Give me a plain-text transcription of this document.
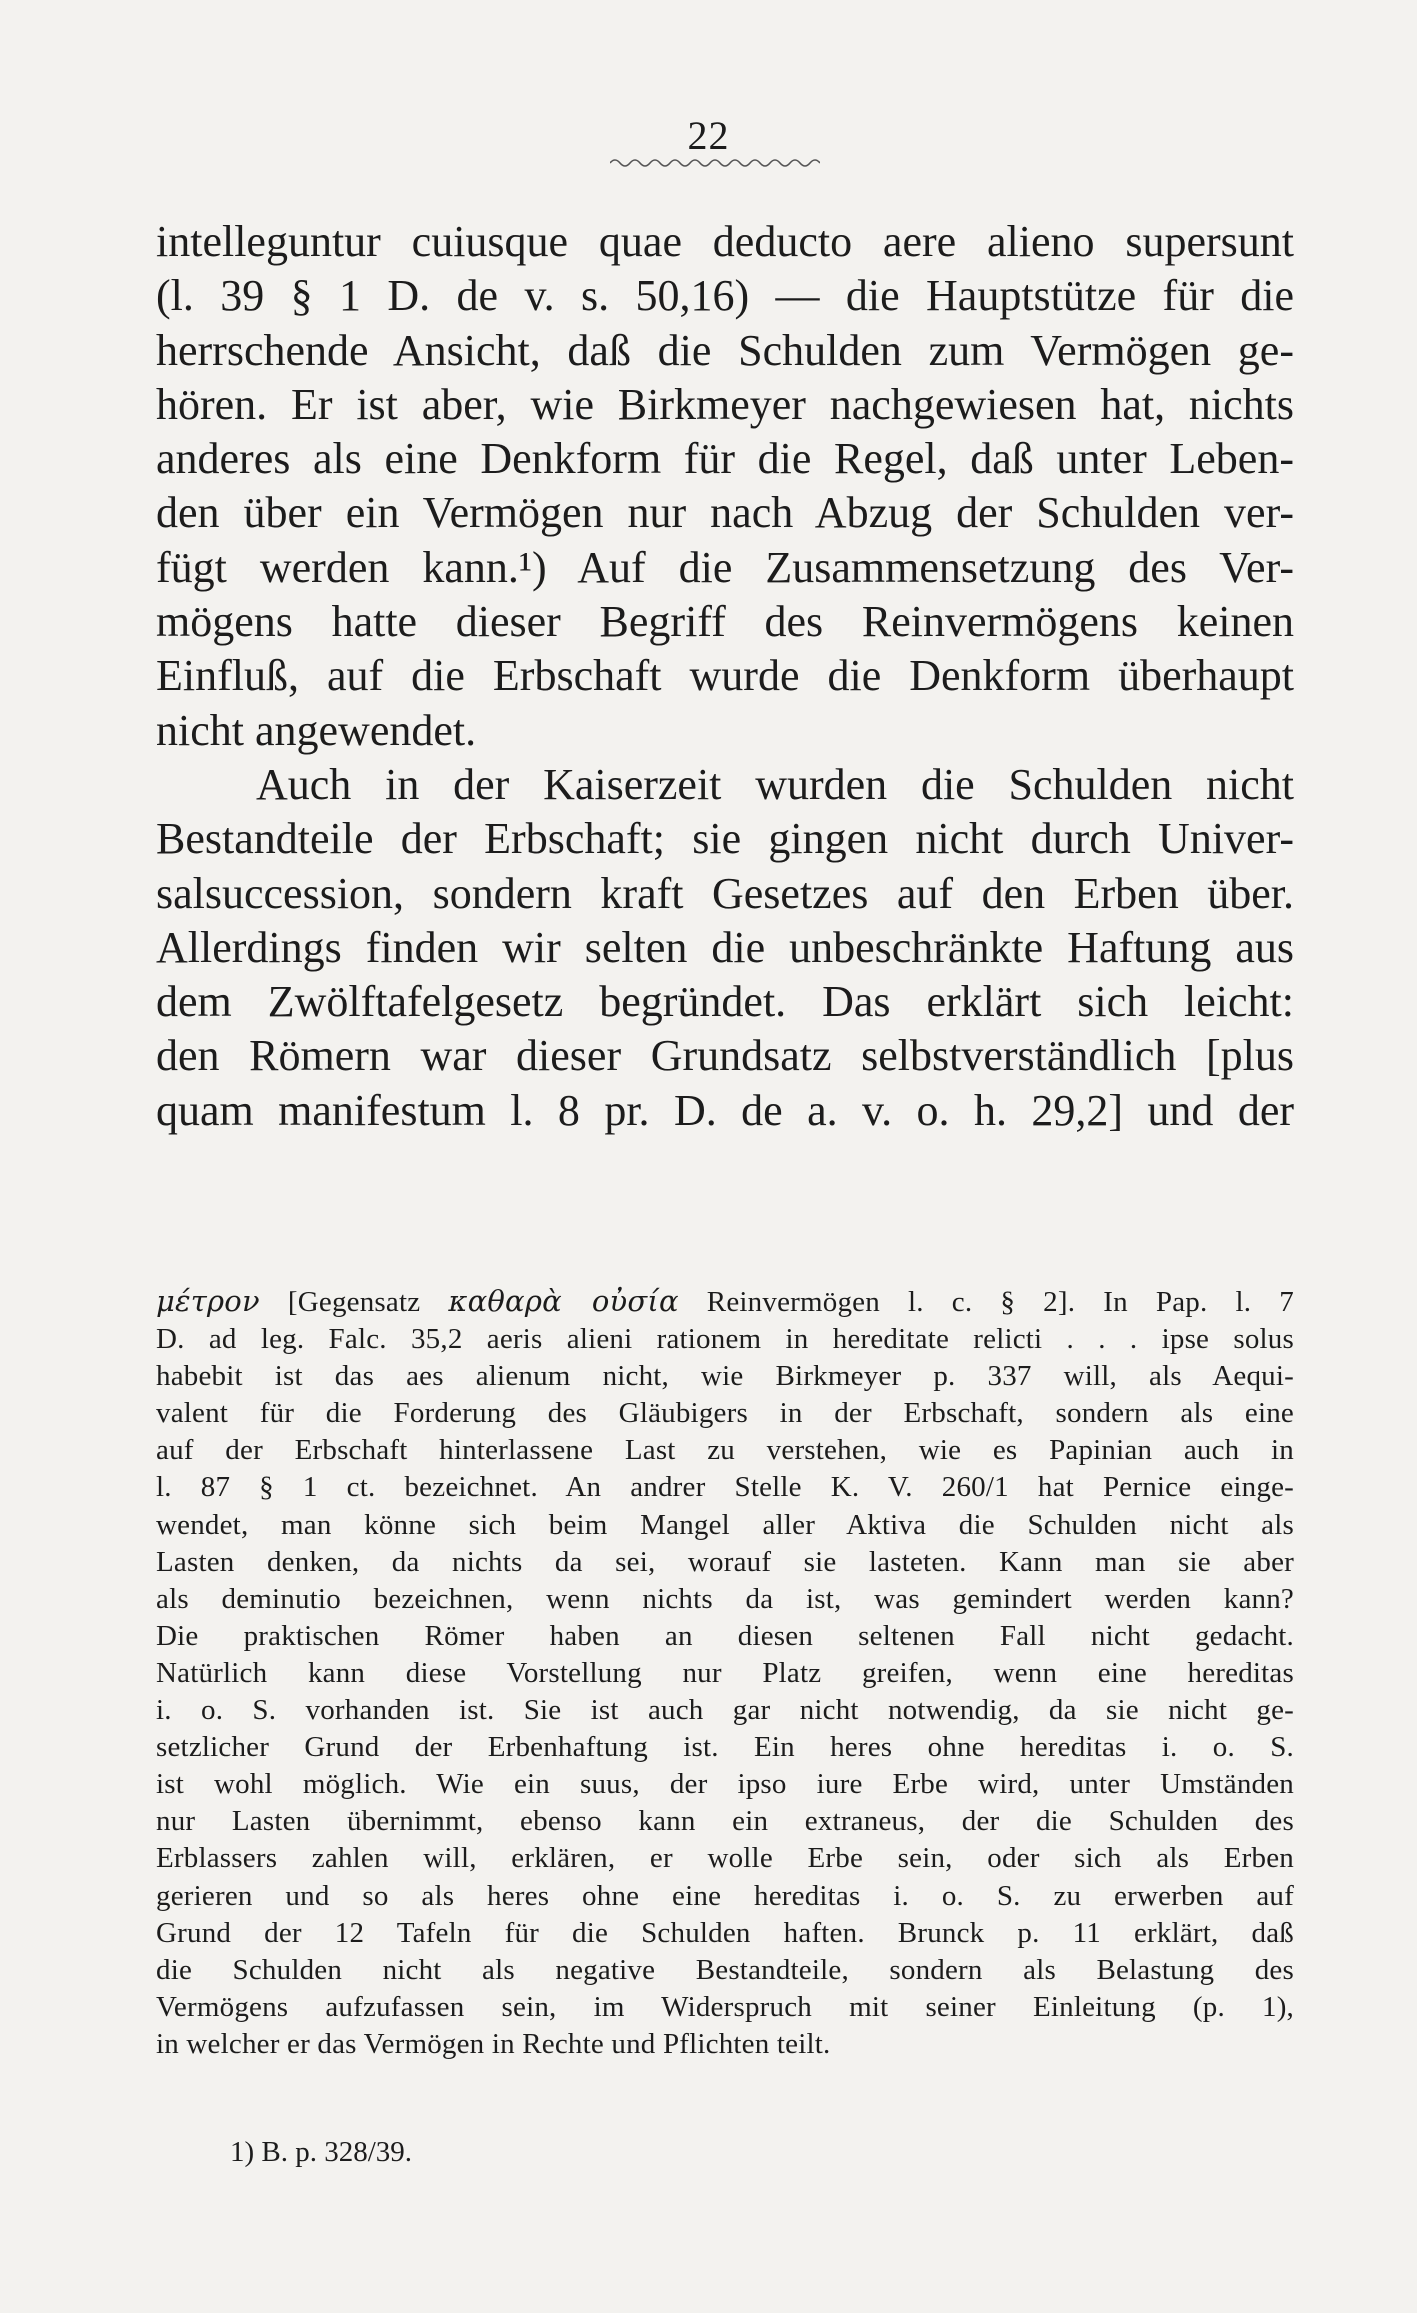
22
intelleguntur cuiusque quae deducto aere alieno supersunt
(l. 39 § 1 D. de v. s. 50,16) — die Hauptstütze für die
herrschende Ansicht, daß die Schulden zum Vermögen ge-
hören. Er ist aber, wie Birkmeyer nachgewiesen hat, nichts
anderes als eine Denkform für die Regel, daß unter Leben-
den über ein Vermögen nur nach Abzug der Schulden ver-
fügt werden kann.¹) Auf die Zusammensetzung des Ver-
mögens hatte dieser Begriff des Reinvermögens keinen
Einfluß, auf die Erbschaft wurde die Denkform überhaupt
nicht angewendet.
Auch in der Kaiserzeit wurden die Schulden nicht
Bestandteile der Erbschaft; sie gingen nicht durch Univer-
salsuccession, sondern kraft Gesetzes auf den Erben über.
Allerdings finden wir selten die unbeschränkte Haftung aus
dem Zwölftafelgesetz begründet. Das erklärt sich leicht:
den Römern war dieser Grundsatz selbstverständlich [plus
quam manifestum l. 8 pr. D. de a. v. o. h. 29,2] und der
μέτρον [Gegensatz καθαρὰ οὐσία Reinvermögen l. c. § 2]. In Pap. l. 7
D. ad leg. Falc. 35,2 aeris alieni rationem in hereditate relicti . . . ipse solus
habebit ist das aes alienum nicht, wie Birkmeyer p. 337 will, als Aequi-
valent für die Forderung des Gläubigers in der Erbschaft, sondern als eine
auf der Erbschaft hinterlassene Last zu verstehen, wie es Papinian auch in
l. 87 § 1 ct. bezeichnet. An andrer Stelle K. V. 260/1 hat Pernice einge-
wendet, man könne sich beim Mangel aller Aktiva die Schulden nicht als
Lasten denken, da nichts da sei, worauf sie lasteten. Kann man sie aber
als deminutio bezeichnen, wenn nichts da ist, was gemindert werden kann?
Die praktischen Römer haben an diesen seltenen Fall nicht gedacht.
Natürlich kann diese Vorstellung nur Platz greifen, wenn eine hereditas
i. o. S. vorhanden ist. Sie ist auch gar nicht notwendig, da sie nicht ge-
setzlicher Grund der Erbenhaftung ist. Ein heres ohne hereditas i. o. S.
ist wohl möglich. Wie ein suus, der ipso iure Erbe wird, unter Umständen
nur Lasten übernimmt, ebenso kann ein extraneus, der die Schulden des
Erblassers zahlen will, erklären, er wolle Erbe sein, oder sich als Erben
gerieren und so als heres ohne eine hereditas i. o. S. zu erwerben auf
Grund der 12 Tafeln für die Schulden haften. Brunck p. 11 erklärt, daß
die Schulden nicht als negative Bestandteile, sondern als Belastung des
Vermögens aufzufassen sein, im Widerspruch mit seiner Einleitung (p. 1),
in welcher er das Vermögen in Rechte und Pflichten teilt.
1) B. p. 328/39.
